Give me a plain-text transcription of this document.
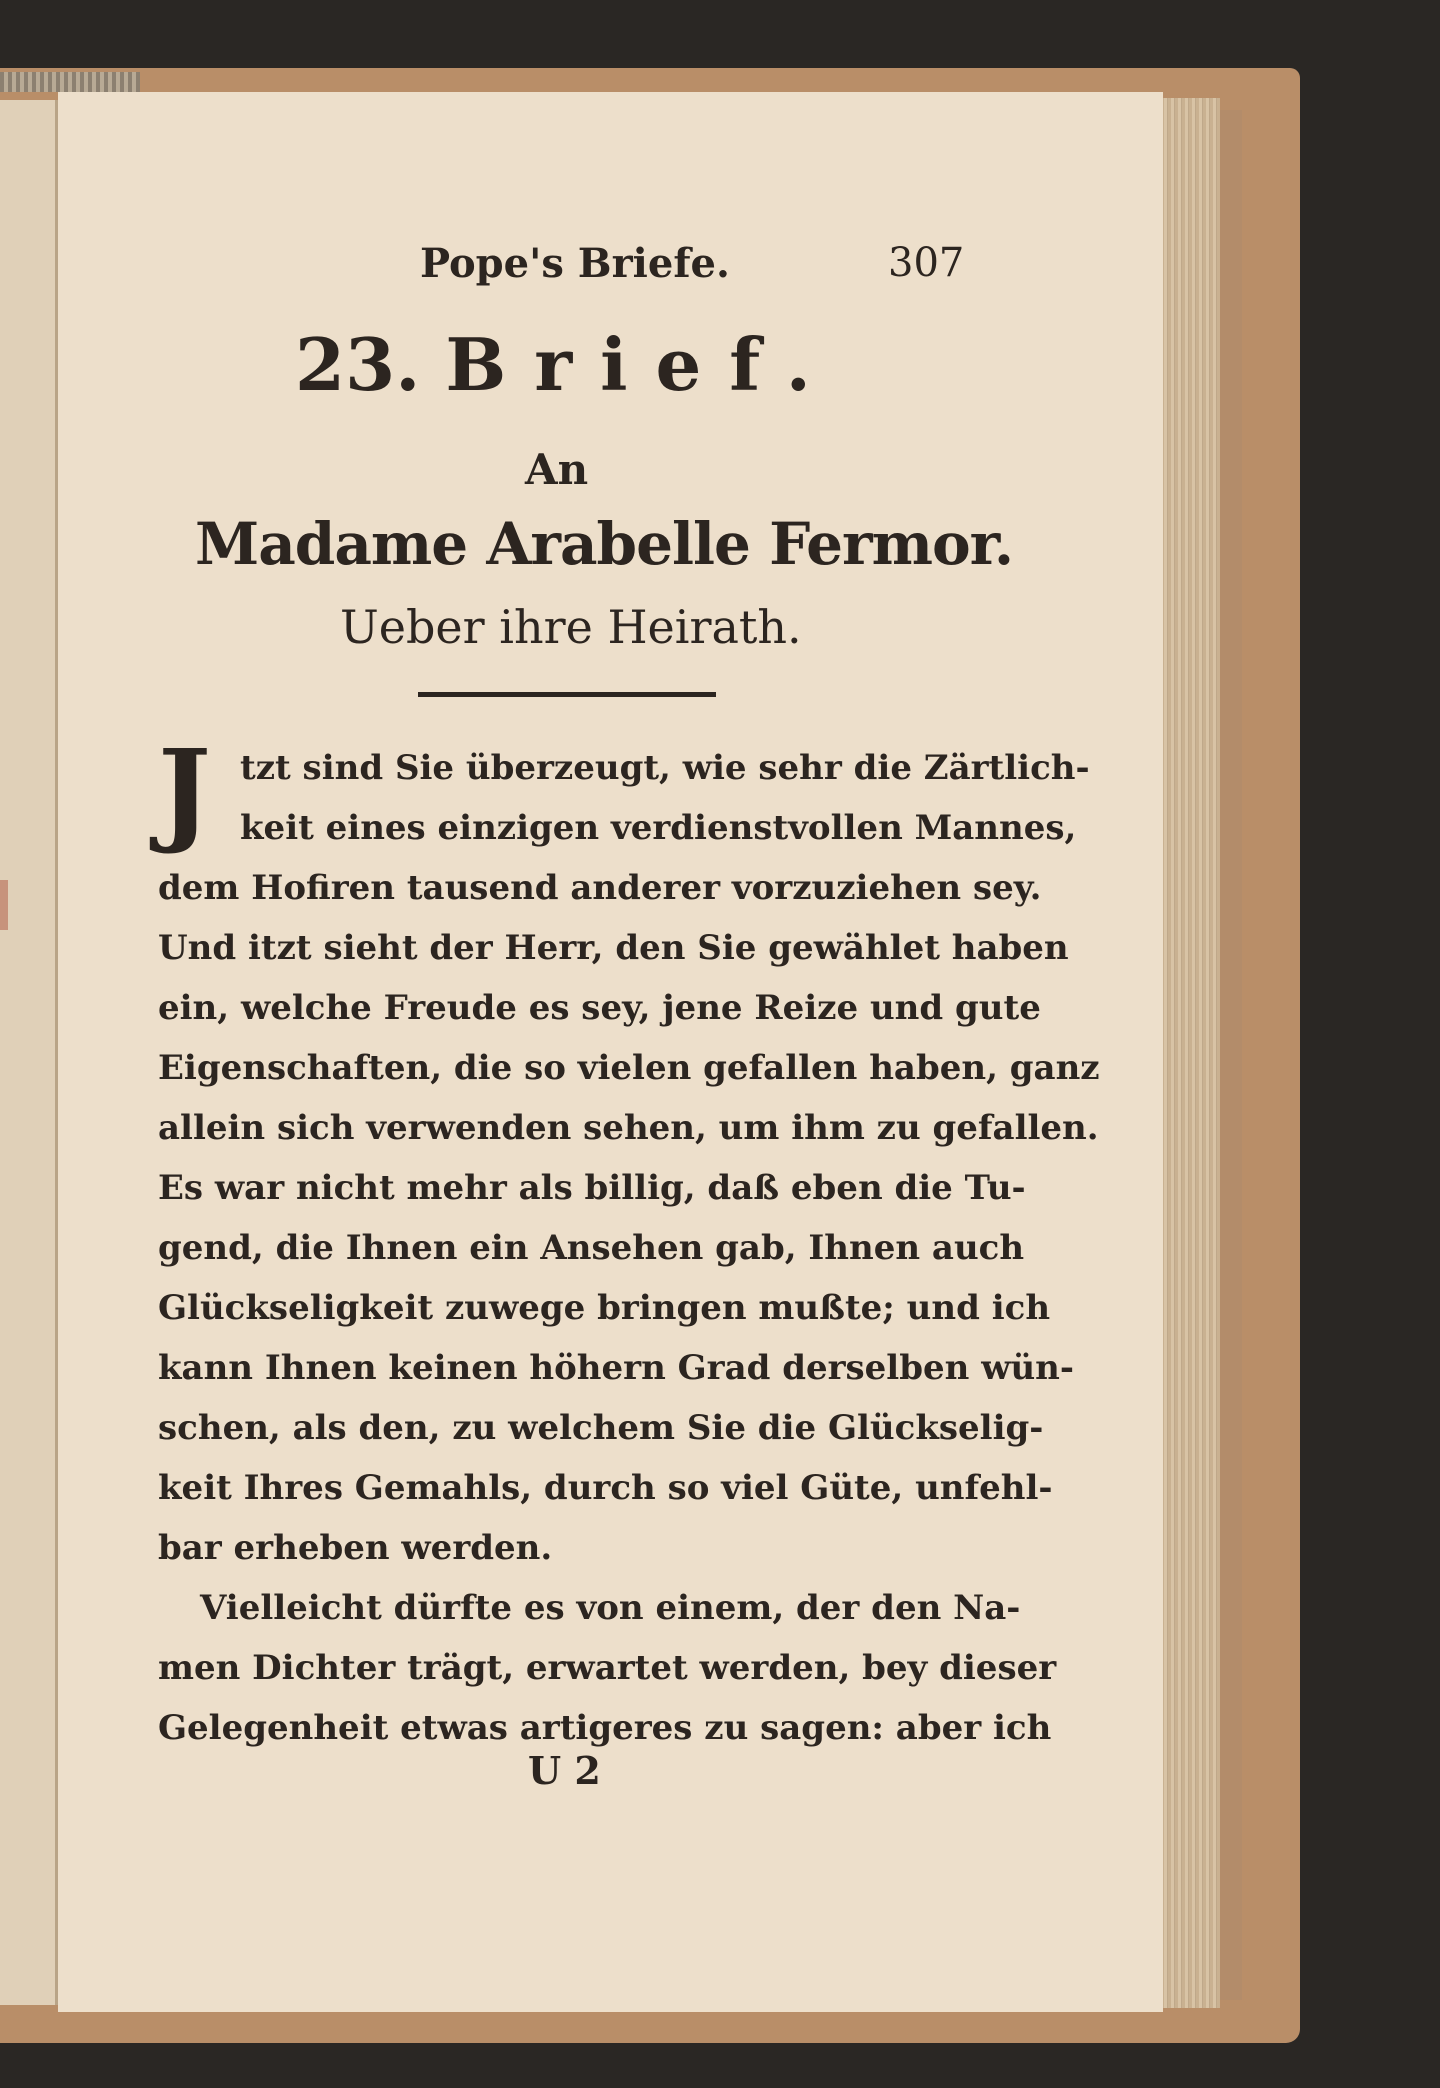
Pope's Briefe.	307
23. Brief.
An
Madame Arabelle Fermor.
Ueber ihre Heirath.
J tzt sind Sie überzeugt, wie sehr die Zärtlich-
keit eines einzigen verdienstvollen Mannes,
dem Hofiren tausend anderer vorzuziehen sey.
Und itzt sieht der Herr, den Sie gewählet haben
ein, welche Freude es sey, jene Reize und gute
Eigenschaften, die so vielen gefallen haben, ganz
allein sich verwenden sehen, um ihm zu gefallen.
Es war nicht mehr als billig, daß eben die Tu-
gend, die Ihnen ein Ansehen gab, Ihnen auch
Glückseligkeit zuwege bringen mußte; und ich
kann Ihnen keinen höhern Grad derselben wün-
schen, als den, zu welchem Sie die Glückselig-
keit Ihres Gemahls, durch so viel Güte, unfehl-
bar erheben werden.
Vielleicht dürfte es von einem, der den Na-
men Dichter trägt, erwartet werden, bey dieser
Gelegenheit etwas artigeres zu sagen: aber ich
U 2
